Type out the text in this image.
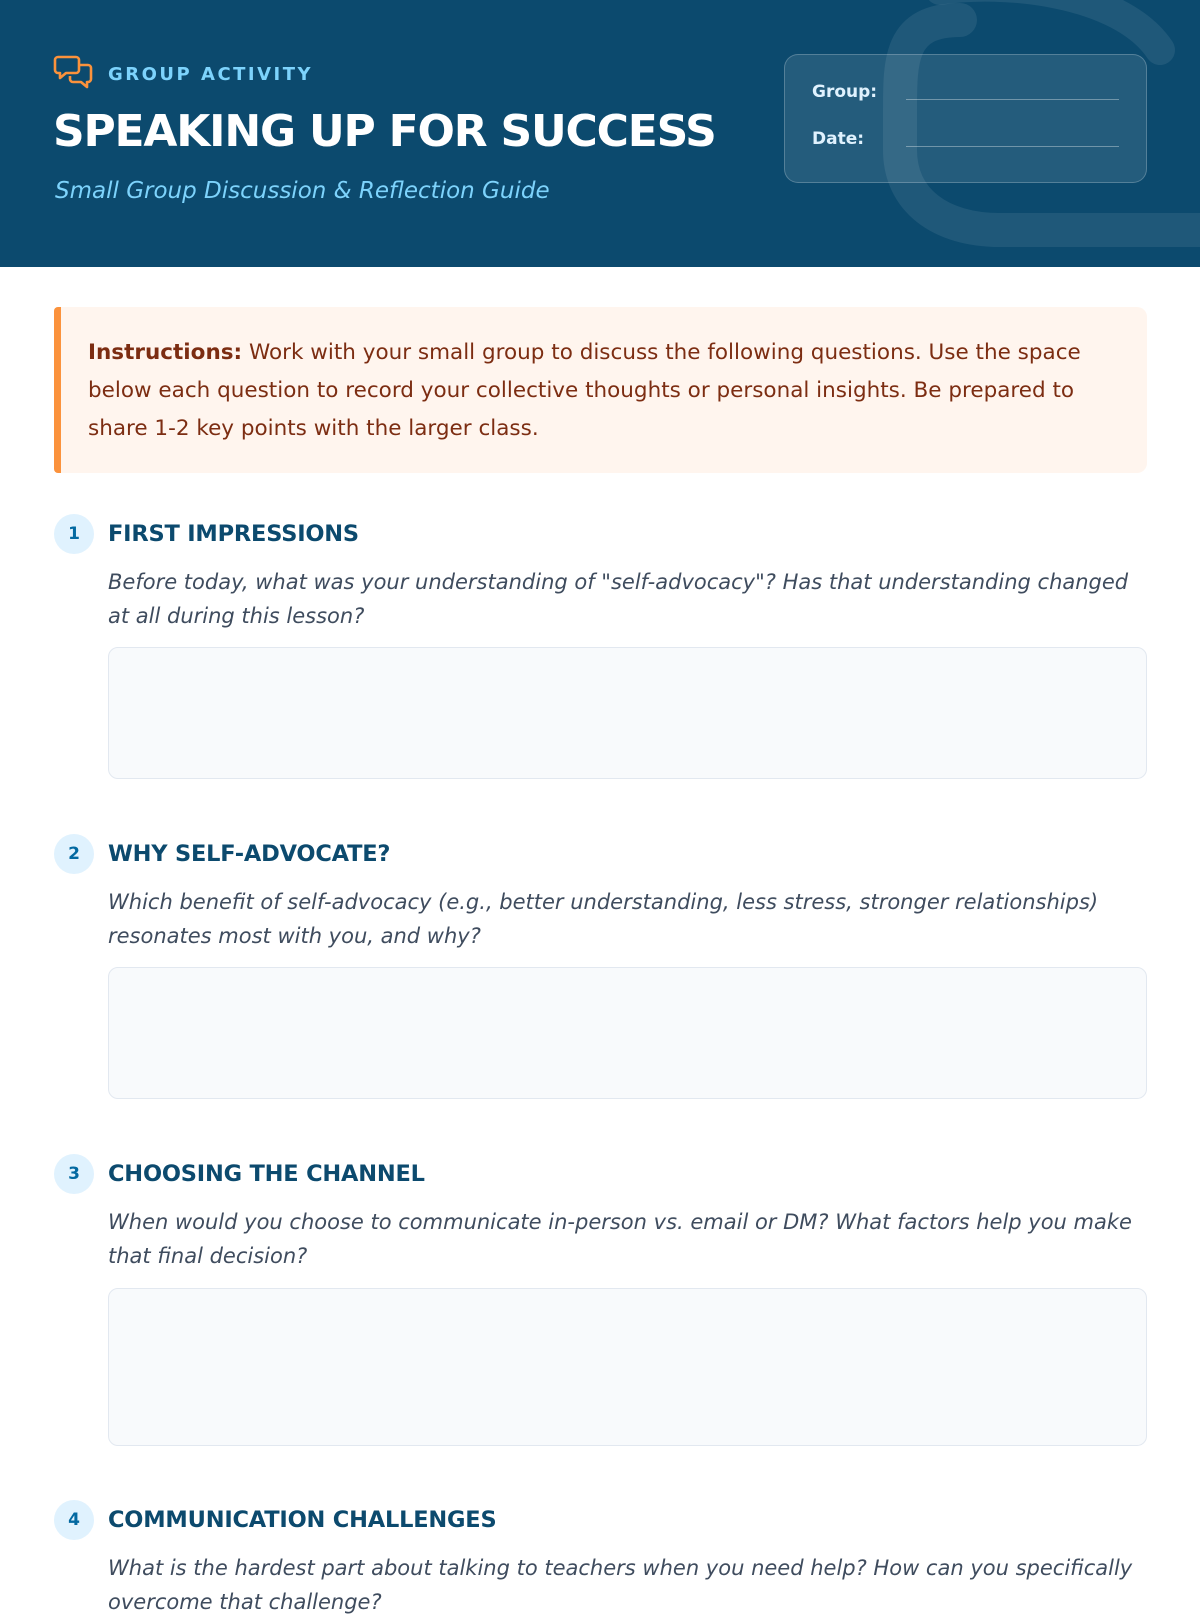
GROUP ACTIVITY
SPEAKING UP FOR SUCCESS
Small Group Discussion & Reflection Guide
Group:
Date:
Instructions: Work with your small group to discuss the following questions. Use the space below each question to record your collective thoughts or personal insights. Be prepared to share 1-2 key points with the larger class.
1	FIRST IMPRESSIONS
Before today, what was your understanding of "self-advocacy"? Has that understanding changed at all during this lesson?
2	WHY SELF-ADVOCATE?
Which benefit of self-advocacy (e.g., better understanding, less stress, stronger relationships) resonates most with you, and why?
3	CHOOSING THE CHANNEL
When would you choose to communicate in-person vs. email or DM? What factors help you make that final decision?
4	COMMUNICATION CHALLENGES
What is the hardest part about talking to teachers when you need help? How can you specifically overcome that challenge?
